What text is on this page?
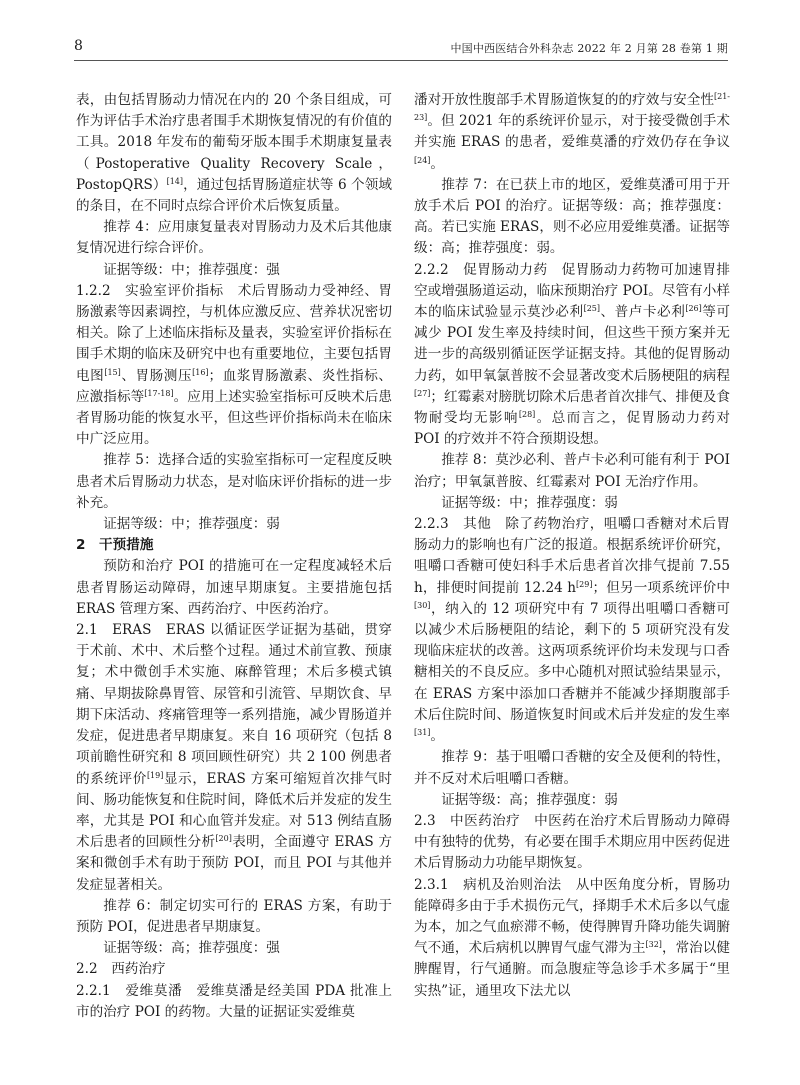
8	中国中西医结合外科杂志 2022 年 2 月第 28 卷第 1 期

表，由包括胃肠动力情况在内的 20 个条目组成，可作为评估手术治疗患者围手术期恢复情况的有价值的工具。2018 年发布的葡萄牙版本围手术期康复量表（Postoperative Quality Recovery Scale，PostopQRS）[14]，通过包括胃肠道症状等 6 个领域的条目，在不同时点综合评价术后恢复质量。

推荐 4：应用康复量表对胃肠动力及术后其他康复情况进行综合评价。

证据等级：中；推荐强度：强

1.2.2　实验室评价指标　术后胃肠动力受神经、胃肠激素等因素调控，与机体应激反应、营养状况密切相关。除了上述临床指标及量表，实验室评价指标在围手术期的临床及研究中也有重要地位，主要包括胃电图[15]、胃肠测压[16]；血浆胃肠激素、炎性指标、应激指标等[17-18]。应用上述实验室指标可反映术后患者胃肠功能的恢复水平，但这些评价指标尚未在临床中广泛应用。

推荐 5：选择合适的实验室指标可一定程度反映患者术后胃肠动力状态，是对临床评价指标的进一步补充。

证据等级：中；推荐强度：弱

2　干预措施

预防和治疗 POI 的措施可在一定程度减轻术后患者胃肠运动障碍，加速早期康复。主要措施包括 ERAS 管理方案、西药治疗、中医药治疗。

2.1　ERAS　ERAS 以循证医学证据为基础，贯穿于术前、术中、术后整个过程。通过术前宣教、预康复；术中微创手术实施、麻醉管理；术后多模式镇痛、早期拔除鼻胃管、尿管和引流管、早期饮食、早期下床活动、疼痛管理等一系列措施，减少胃肠道并发症，促进患者早期康复。来自 16 项研究（包括 8 项前瞻性研究和 8 项回顾性研究）共 2 100 例患者的系统评价[19]显示，ERAS 方案可缩短首次排气时间、肠功能恢复和住院时间，降低术后并发症的发生率，尤其是 POI 和心血管并发症。对 513 例结直肠术后患者的回顾性分析[20]表明，全面遵守 ERAS 方案和微创手术有助于预防 POI，而且 POI 与其他并发症显著相关。

推荐 6：制定切实可行的 ERAS 方案，有助于预防 POI，促进患者早期康复。

证据等级：高；推荐强度：强

2.2　西药治疗

2.2.1　爱维莫潘　爱维莫潘是经美国 PDA 批准上市的治疗 POI 的药物。大量的证据证实爱维莫

潘对开放性腹部手术胃肠道恢复的的疗效与安全性[21-23]。但 2021 年的系统评价显示，对于接受微创手术并实施 ERAS 的患者，爱维莫潘的疗效仍存在争议[24]。

推荐 7：在已获上市的地区，爱维莫潘可用于开放手术后 POI 的治疗。证据等级：高；推荐强度：高。若已实施 ERAS，则不必应用爱维莫潘。证据等级：高；推荐强度：弱。

2.2.2　促胃肠动力药　促胃肠动力药物可加速胃排空或增强肠道运动，临床预期治疗 POI。尽管有小样本的临床试验显示莫沙必利[25]、普卢卡必利[26]等可减少 POI 发生率及持续时间，但这些干预方案并无进一步的高级别循证医学证据支持。其他的促胃肠动力药，如甲氧氯普胺不会显著改变术后肠梗阻的病程[27]；红霉素对膀胱切除术后患者首次排气、排便及食物耐受均无影响[28]。总而言之，促胃肠动力药对 POI 的疗效并不符合预期设想。

推荐 8：莫沙必利、普卢卡必利可能有利于 POI 治疗；甲氧氯普胺、红霉素对 POI 无治疗作用。

证据等级：中；推荐强度：弱

2.2.3　其他　除了药物治疗，咀嚼口香糖对术后胃肠动力的影响也有广泛的报道。根据系统评价研究，咀嚼口香糖可使妇科手术后患者首次排气提前 7.55 h，排便时间提前 12.24 h[29]；但另一项系统评价中[30]，纳入的 12 项研究中有 7 项得出咀嚼口香糖可以减少术后肠梗阻的结论，剩下的 5 项研究没有发现临床症状的改善。这两项系统评价均未发现与口香糖相关的不良反应。多中心随机对照试验结果显示，在 ERAS 方案中添加口香糖并不能减少择期腹部手术后住院时间、肠道恢复时间或术后并发症的发生率[31]。

推荐 9：基于咀嚼口香糖的安全及便利的特性，并不反对术后咀嚼口香糖。

证据等级：高；推荐强度：弱

2.3　中医药治疗　中医药在治疗术后胃肠动力障碍中有独特的优势，有必要在围手术期应用中医药促进术后胃肠动力功能早期恢复。

2.3.1　病机及治则治法　从中医角度分析，胃肠功能障碍多由于手术损伤元气，择期手术术后多以气虚为本，加之气血瘀滞不畅，使得脾胃升降功能失调腑气不通，术后病机以脾胃气虚气滞为主[32]，常治以健脾醒胃，行气通腑。而急腹症等急诊手术多属于“里实热”证，通里攻下法尤以
